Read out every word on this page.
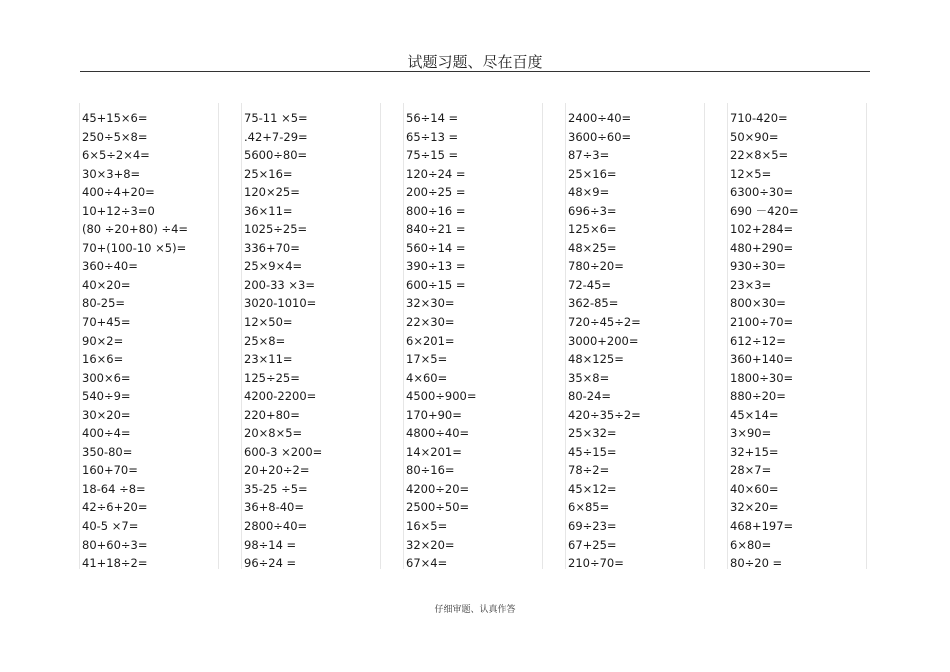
试题习题、尽在百度
45+15×6=
250÷5×8=
6×5÷2×4=
30×3+8=
400÷4+20=
10+12÷3=0
(80 ÷20+80) ÷4=
70+(100-10 ×5)=
360÷40=
40×20=
80-25=
70+45=
90×2=
16×6=
300×6=
540÷9=
30×20=
400÷4=
350-80=
160+70=
18-64 ÷8=
42÷6+20=
40-5 ×7=
80+60÷3=
41+18÷2=
75-11 ×5=
.42+7-29=
5600÷80=
25×16=
120×25=
36×11=
1025÷25=
336+70=
25×9×4=
200-33 ×3=
3020-1010=
12×50=
25×8=
23×11=
125÷25=
4200-2200=
220+80=
20×8×5=
600-3 ×200=
20+20÷2=
35-25 ÷5=
36+8-40=
2800÷40=
98÷14 =
96÷24 =
56÷14 =
65÷13 =
75÷15 =
120÷24 =
200÷25 =
800÷16 =
840÷21 =
560÷14 =
390÷13 =
600÷15 =
32×30=
22×30=
6×201=
17×5=
4×60=
4500÷900=
170+90=
4800÷40=
14×201=
80÷16=
4200÷20=
2500÷50=
16×5=
32×20=
67×4=
2400÷40=
3600÷60=
87÷3=
25×16=
48×9=
696÷3=
125×6=
48×25=
780÷20=
72-45=
362-85=
720÷45÷2=
3000+200=
48×125=
35×8=
80-24=
420÷35÷2=
25×32=
45÷15=
78÷2=
45×12=
6×85=
69÷23=
67+25=
210÷70=
710-420=
50×90=
22×8×5=
12×5=
6300÷30=
690 －420=
102+284=
480+290=
930÷30=
23×3=
800×30=
2100÷70=
612÷12=
360+140=
1800÷30=
880÷20=
45×14=
3×90=
32+15=
28×7=
40×60=
32×20=
468+197=
6×80=
80÷20 =
仔细审题、认真作答
